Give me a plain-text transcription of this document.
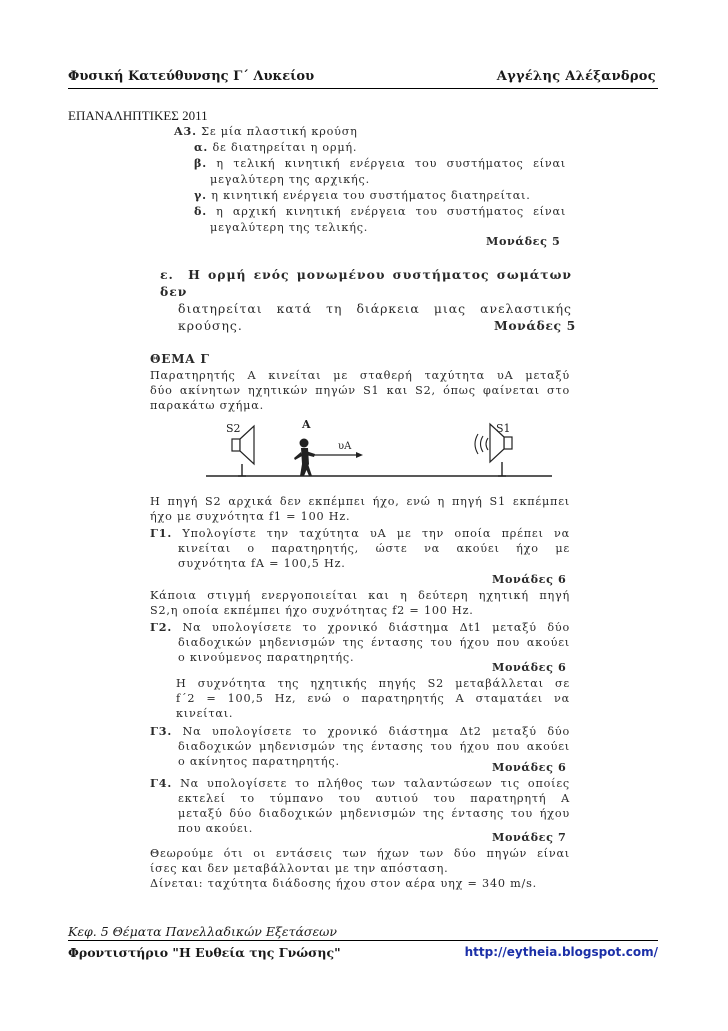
Φυσική Κατεύθυνσης Γ΄ Λυκείου	Αγγέλης Αλέξανδρος
ΕΠΑΝΑΛΗΠΤΙΚΕΣ 2011
Α3. Σε μία πλαστική κρούση
α. δε διατηρείται η ορμή.
β. η τελική κινητική ενέργεια του συστήματος είναι
μεγαλύτερη της αρχικής.
γ. η κινητική ενέργεια του συστήματος διατηρείται.
δ. η αρχική κινητική ενέργεια του συστήματος είναι
μεγαλύτερη της τελικής.
Μονάδες 5
ε. Η ορμή ενός μονωμένου συστήματος σωμάτων δεν
διατηρείται κατά τη διάρκεια μιας ανελαστικής
κρούσης.	Μονάδες 5
ΘΕΜΑ Γ
Παρατηρητής Α κινείται με σταθερή ταχύτητα υΑ μεταξύ
δύο ακίνητων ηχητικών πηγών S1 και S2, όπως φαίνεται στο
παρακάτω σχήμα.
S2	A
υA
S1
Η πηγή S2 αρχικά δεν εκπέμπει ήχο, ενώ η πηγή S1 εκπέμπει
ήχο με συχνότητα f1 = 100 Hz.
Γ1. Υπολογίστε την ταχύτητα υΑ με την οποία πρέπει να
κινείται ο παρατηρητής, ώστε να ακούει ήχο με
συχνότητα fA = 100,5 Hz.
Μονάδες 6
Κάποια στιγμή ενεργοποιείται και η δεύτερη ηχητική πηγή
S2,η οποία εκπέμπει ήχο συχνότητας f2 = 100 Hz.
Γ2. Να υπολογίσετε το χρονικό διάστημα Δt1 μεταξύ δύο
διαδοχικών μηδενισμών της έντασης του ήχου που ακούει
ο κινούμενος παρατηρητής.
Μονάδες 6
Η συχνότητα της ηχητικής πηγής S2 μεταβάλλεται σε
f΄2 = 100,5 Hz, ενώ ο παρατηρητής Α σταματάει να
κινείται.
Γ3. Να υπολογίσετε το χρονικό διάστημα Δt2 μεταξύ δύο
διαδοχικών μηδενισμών της έντασης του ήχου που ακούει
ο ακίνητος παρατηρητής.	Μονάδες 6
Γ4. Να υπολογίσετε το πλήθος των ταλαντώσεων τις οποίες
εκτελεί το τύμπανο του αυτιού του παρατηρητή Α
μεταξύ δύο διαδοχικών μηδενισμών της έντασης του ήχου
που ακούει.
Μονάδες 7
Θεωρούμε ότι οι εντάσεις των ήχων των δύο πηγών είναι
ίσες και δεν μεταβάλλονται με την απόσταση.
Δίνεται: ταχύτητα διάδοσης ήχου στον αέρα υηχ = 340 m/s.
Κεφ. 5 Θέματα Πανελλαδικών Εξετάσεων
Φροντιστήριο "Η Ευθεία της Γνώσης"	http://eytheia.blogspot.com/
